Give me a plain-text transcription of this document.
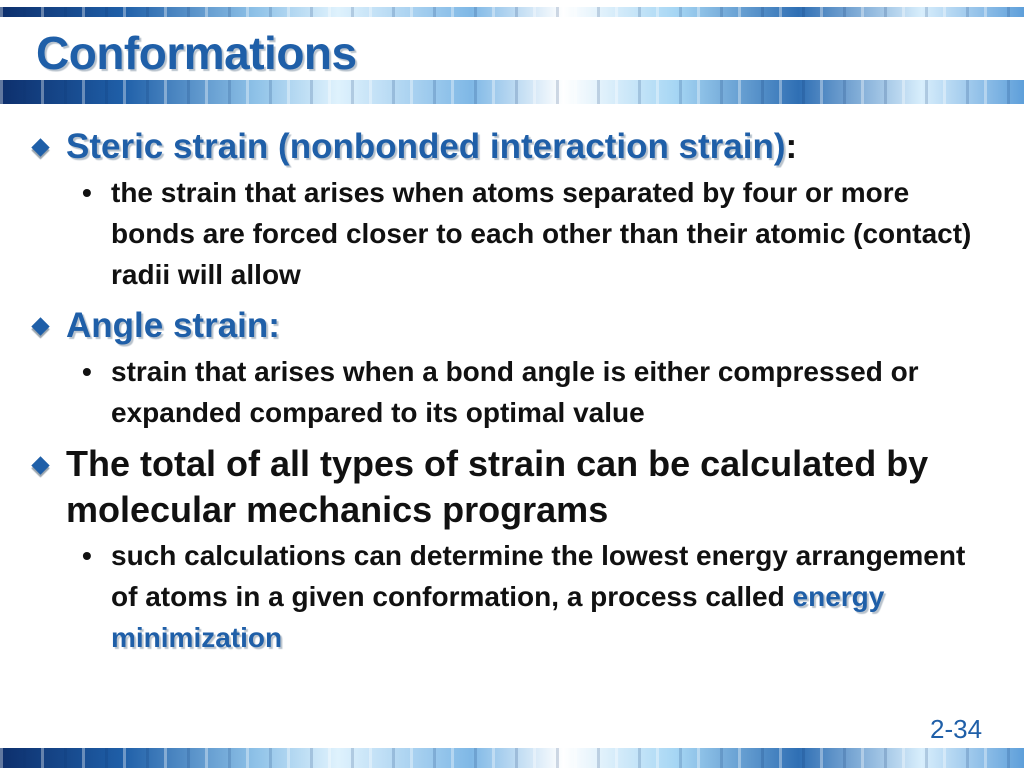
Conformations
Steric strain (nonbonded interaction strain):
• the strain that arises when atoms separated by four or more bonds are forced closer to each other than their atomic (contact) radii will allow
Angle strain:
• strain that arises when a bond angle is either compressed or expanded compared to its optimal value
The total of all types of strain can be calculated by molecular mechanics programs
• such calculations can determine the lowest energy arrangement of atoms in a given conformation, a process called energy minimization
2-34
